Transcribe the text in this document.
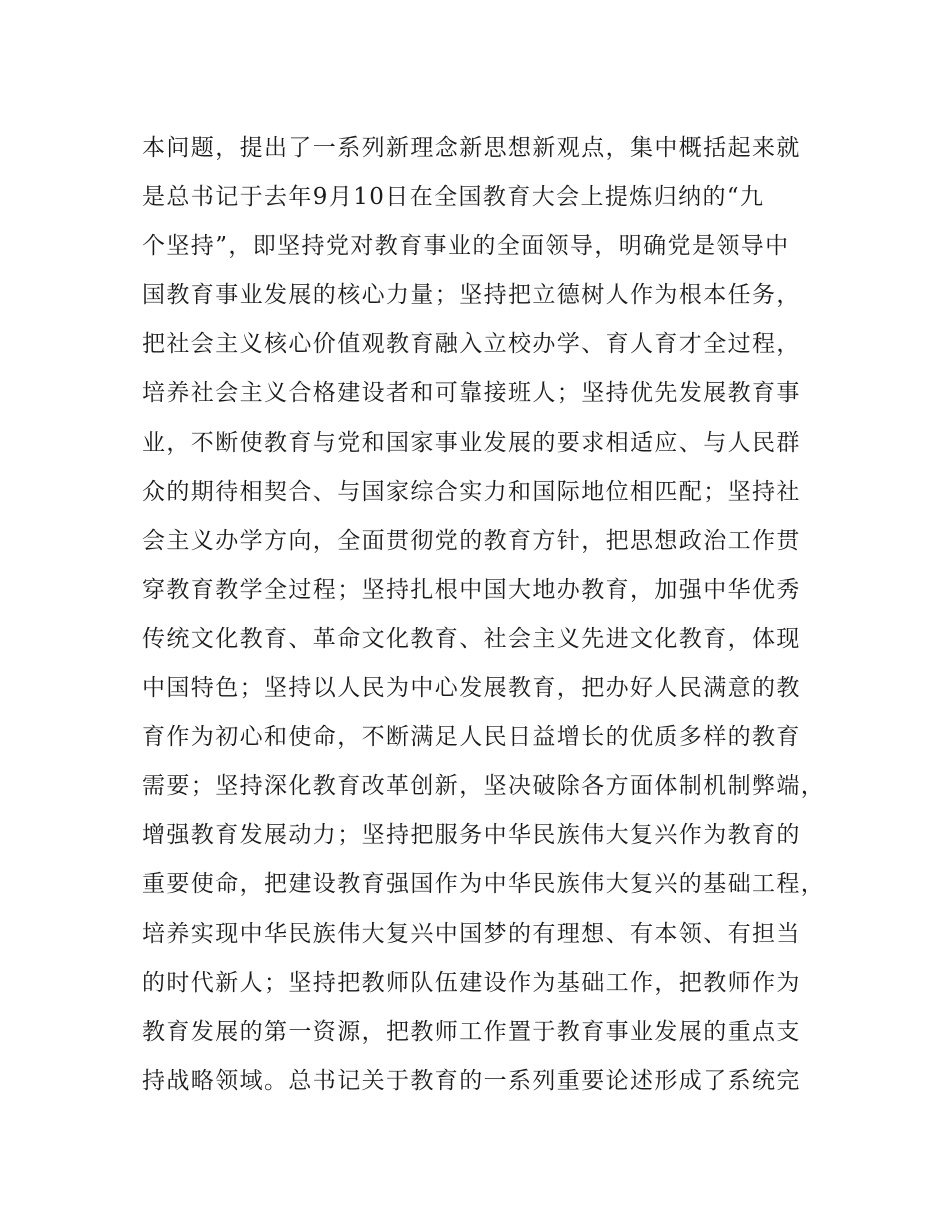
本问题，提出了一系列新理念新思想新观点，集中概括起来就
是总书记于去年9月10日在全国教育大会上提炼归纳的“九
个坚持”，即坚持党对教育事业的全面领导，明确党是领导中
国教育事业发展的核心力量；坚持把立德树人作为根本任务，
把社会主义核心价值观教育融入立校办学、育人育才全过程，
培养社会主义合格建设者和可靠接班人；坚持优先发展教育事
业，不断使教育与党和国家事业发展的要求相适应、与人民群
众的期待相契合、与国家综合实力和国际地位相匹配；坚持社
会主义办学方向，全面贯彻党的教育方针，把思想政治工作贯
穿教育教学全过程；坚持扎根中国大地办教育，加强中华优秀
传统文化教育、革命文化教育、社会主义先进文化教育，体现
中国特色；坚持以人民为中心发展教育，把办好人民满意的教
育作为初心和使命，不断满足人民日益增长的优质多样的教育
需要；坚持深化教育改革创新，坚决破除各方面体制机制弊端，
增强教育发展动力；坚持把服务中华民族伟大复兴作为教育的
重要使命，把建设教育强国作为中华民族伟大复兴的基础工程，
培养实现中华民族伟大复兴中国梦的有理想、有本领、有担当
的时代新人；坚持把教师队伍建设作为基础工作，把教师作为
教育发展的第一资源，把教师工作置于教育事业发展的重点支
持战略领域。总书记关于教育的一系列重要论述形成了系统完
